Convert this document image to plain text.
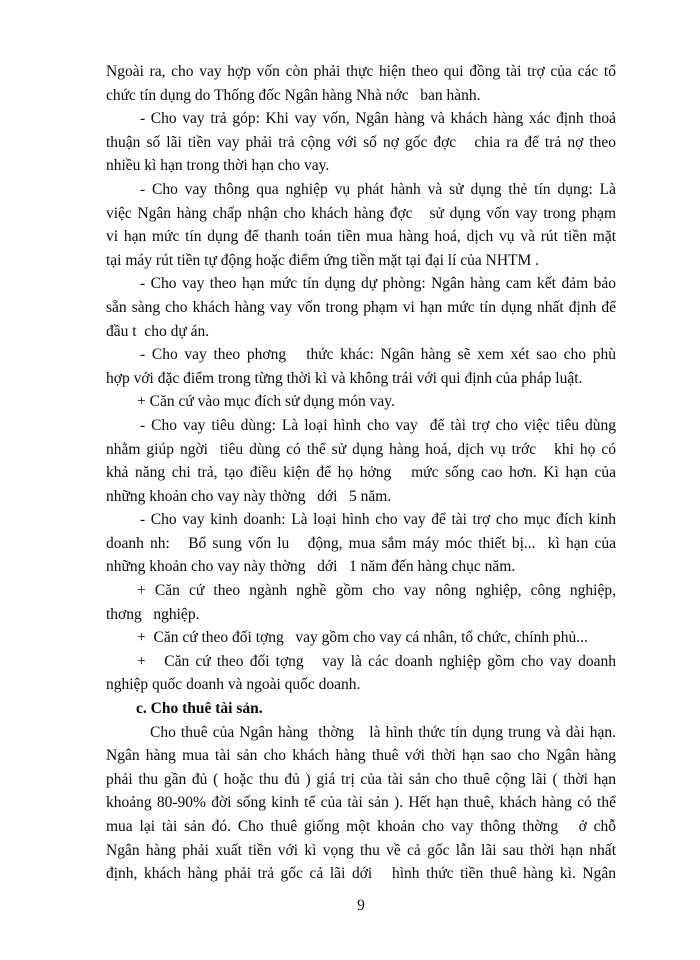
Ngoài ra, cho vay hợp vốn còn phải thực hiện theo qui đồng tài trợ của các tổ
chức tín dụng do Thống đốc Ngân hàng Nhà nớc   ban hành.
- Cho vay trả góp: Khi vay vốn, Ngân hàng và khách hàng xác định thoả
thuận số lãi tiền vay phải trả cộng với số nợ gốc đợc   chia ra để trả nợ theo
nhiều kì hạn trong thời hạn cho vay.
- Cho vay thông qua nghiệp vụ phát hành và sử dụng thẻ tín dụng: Là
việc Ngân hàng chấp nhận cho khách hàng đợc   sử dụng vốn vay trong phạm
vi hạn mức tín dụng để thanh toán tiền mua hàng hoá, dịch vụ và rút tiền mặt
tại máy rút tiền tự động hoặc điểm ứng tiền mặt tại đại lí của NHTM .
- Cho vay theo hạn mức tín dụng dự phòng: Ngân hàng cam kết đảm bảo
sẵn sàng cho khách hàng vay vốn trong phạm vi hạn mức tín dụng nhất định để
đầu t  cho dự án.
- Cho vay theo phơng   thức khác: Ngân hàng sẽ xem xét sao cho phù
hợp với đặc điểm trong từng thời kì và không trái với qui định của pháp luật.
+ Căn cứ vào mục đích sử dụng món vay.
- Cho vay tiêu dùng: Là loại hình cho vay  để tài trợ cho việc tiêu dùng
nhằm giúp ngời  tiêu dùng có thể sử dụng hàng hoá, dịch vụ trớc   khi họ có
khả năng chi trả, tạo điều kiện để họ hởng   mức sống cao hơn. Kì hạn của
những khoản cho vay này thờng   dới   5 năm.
- Cho vay kinh doanh: Là loại hình cho vay để tài trợ cho mục đích kinh
doanh nh:   Bổ sung vốn lu   động, mua sắm máy móc thiết bị...  kì hạn của
những khoản cho vay này thờng   dới   1 năm đến hàng chục năm.
+ Căn cứ theo ngành nghề gồm cho vay nông nghiệp, công nghiệp,
thơng   nghiệp.
+  Căn cứ theo đối tợng   vay gồm cho vay cá nhân, tổ chức, chính phủ...
+   Căn cứ theo đối tợng   vay là các doanh nghiệp gồm cho vay doanh
nghiệp quốc doanh và ngoài quốc doanh.
c. Cho thuê tài sản.
Cho thuê của Ngân hàng  thờng   là hình thức tín dụng trung và dài hạn.
Ngân hàng mua tài sản cho khách hàng thuê với thời hạn sao cho Ngân hàng
phải thu gần đủ ( hoặc thu đủ ) giá trị của tài sản cho thuê cộng lãi ( thời hạn
khoảng 80-90% đời sống kinh tế của tài sản ). Hết hạn thuê, khách hàng có thể
mua lại tài sản đó. Cho thuê giống một khoản cho vay thông thờng   ở chỗ
Ngân hàng phải xuất tiền với kì vọng thu về cả gốc lẫn lãi sau thời hạn nhất
định, khách hàng phải trả gốc cả lãi dới   hình thức tiền thuê hàng kì. Ngân
9
